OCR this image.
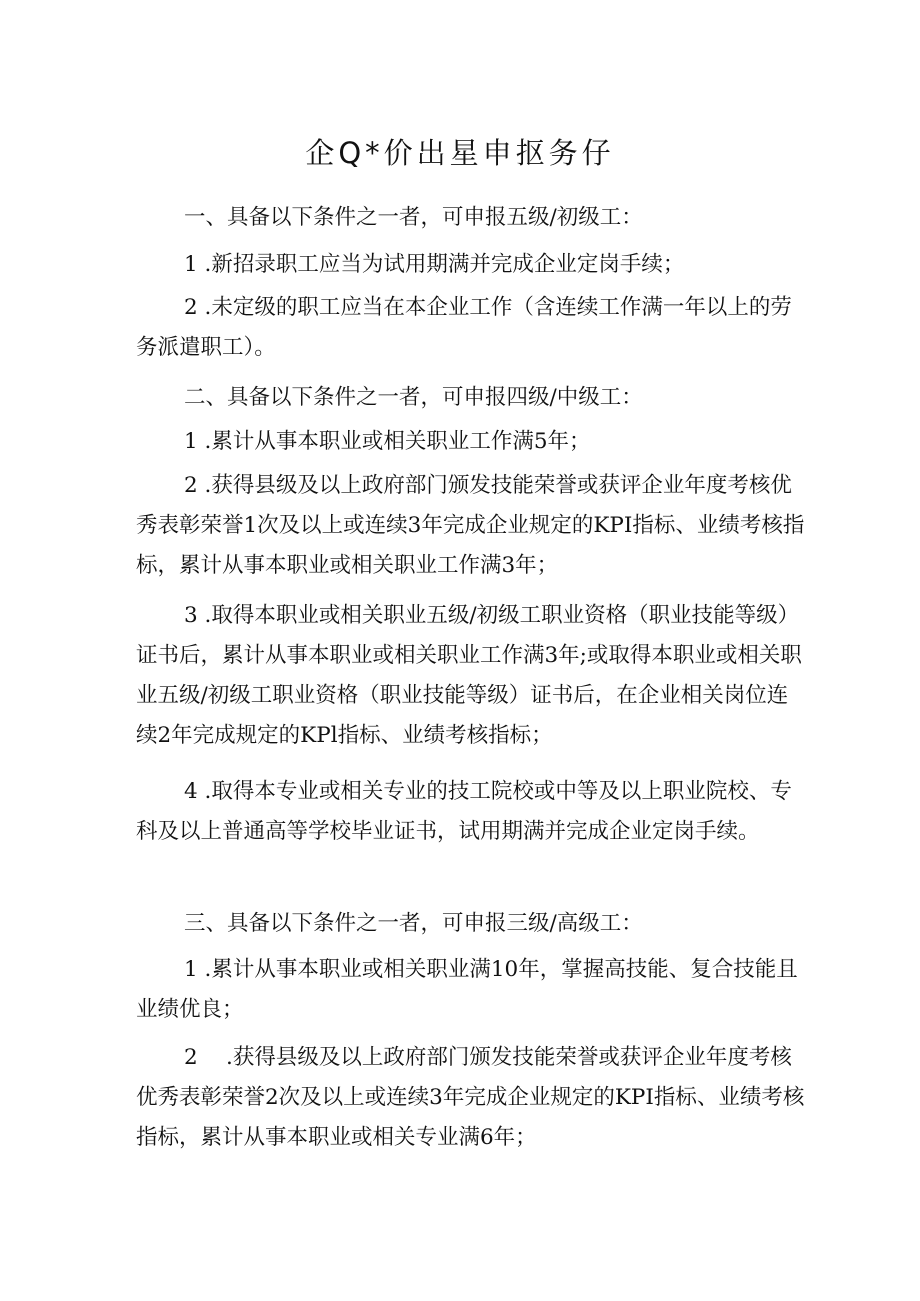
企Q*价出星申抠务仔

一、具备以下条件之一者，可申报五级/初级工：

1 .新招录职工应当为试用期满并完成企业定岗手续；

2 .未定级的职工应当在本企业工作（含连续工作满一年以上的劳务派遣职工）。

二、具备以下条件之一者，可申报四级/中级工：

1 .累计从事本职业或相关职业工作满5年；

2 .获得县级及以上政府部门颁发技能荣誉或获评企业年度考核优秀表彰荣誉1次及以上或连续3年完成企业规定的KPI指标、业绩考核指标，累计从事本职业或相关职业工作满3年；

3 .取得本职业或相关职业五级/初级工职业资格（职业技能等级）证书后，累计从事本职业或相关职业工作满3年;或取得本职业或相关职业五级/初级工职业资格（职业技能等级）证书后，在企业相关岗位连续2年完成规定的KPl指标、业绩考核指标；

4 .取得本专业或相关专业的技工院校或中等及以上职业院校、专科及以上普通高等学校毕业证书，试用期满并完成企业定岗手续。

三、具备以下条件之一者，可申报三级/高级工：

1 .累计从事本职业或相关职业满10年，掌握高技能、复合技能且业绩优良；

2　 .获得县级及以上政府部门颁发技能荣誉或获评企业年度考核优秀表彰荣誉2次及以上或连续3年完成企业规定的KPI指标、业绩考核指标，累计从事本职业或相关专业满6年；
